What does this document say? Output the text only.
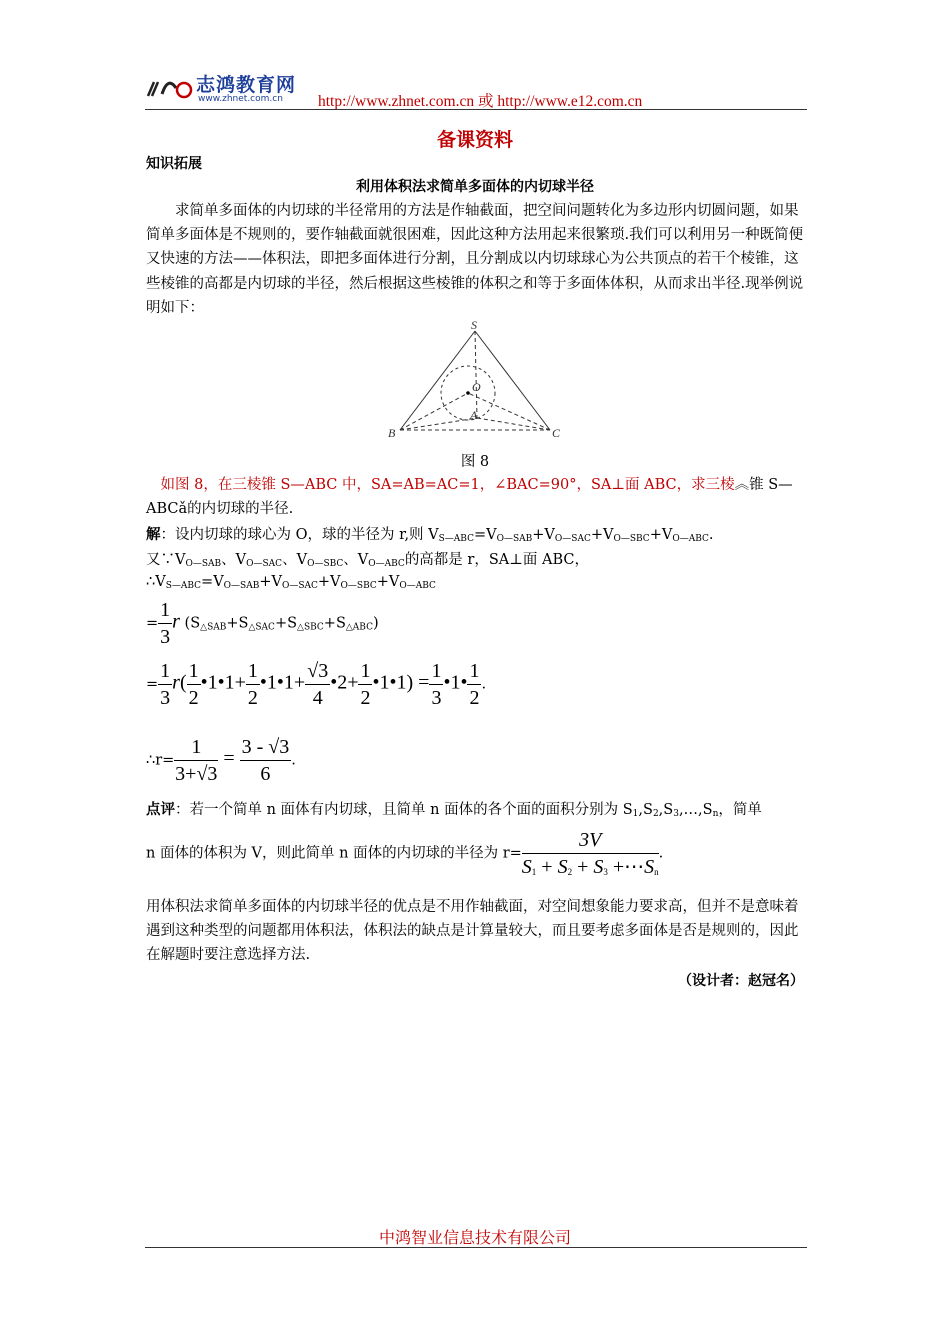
志鸿教育网
www.zhnet.com.cn http://www.zhnet.com.cn 或 http://www.e12.com.cn
备课资料
知识拓展
利用体积法求简单多面体的内切球半径
求简单多面体的内切球的半径常用的方法是作轴截面，把空间问题转化为多边形内切圆问题，如果简单多面体是不规则的，要作轴截面就很困难，因此这种方法用起来很繁琐.我们可以利用另一种既简便又快速的方法——体积法，即把多面体进行分割，且分割成以内切球球心为公共顶点的若干个棱锥，这些棱锥的高都是内切球的半径，然后根据这些棱锥的体积之和等于多面体体积，从而求出半径.现举例说明如下：
S
O
A
B	C
图 8
如图 8，在三棱锥 S—ABC 中，SA=AB=AC=1，∠BAC=90°，SA⊥面 ABC，求三棱︽锥 S—ABCǎ的内切球的半径.
解：设内切球的球心为 O，球的半径为 r,则 $V_{S—ABC}=V_{O—SAB}+V_{O—SAC}+V_{O—SBC}+V_{O—ABC}$.
又$\because V_{O—SAB}$、$V_{O—SAC}$、$V_{O—SBC}$、$V_{O—ABC}$的高都是 r，SA⊥面 ABC，
$\therefore V_{S—ABC}=V_{O—SAB}+V_{O—SAC}+V_{O—SBC}+V_{O—ABC}$
= $\frac{1}{3}$ r $(S_{\triangle SAB}+S_{\triangle SAC}+S_{\triangle SBC}+S_{\triangle ABC})$
= $\frac{1}{3} r( \frac{1}{2}$ •1•1+ $\frac{1}{2}$ •1•1+ $\frac{√3}{4}$ •2+ $\frac{1}{2}$ •1•1) = $\frac{1}{3}$ •1• $\frac{1}{2}$ .
∴r= $\frac{1}{3+√3} = \frac{3 - √3}{6}$ .
点评：若一个简单 n 面体有内切球，且简单 n 面体的各个面的面积分别为 $S_1,S_2,S_3,\dots,S_n$，简单
n 面体的体积为 V，则此简单 n 面体的内切球的半径为 $r= \frac{3V}{S_1 + S_2 + S_3 +\cdots S_n}$ .
用体积法求简单多面体的内切球半径的优点是不用作轴截面，对空间想象能力要求高，但并不是意味着遇到这种类型的问题都用体积法，体积法的缺点是计算量较大，而且要考虑多面体是否是规则的，因此在解题时要注意选择方法.
（设计者：赵冠名）
中鸿智业信息技术有限公司
